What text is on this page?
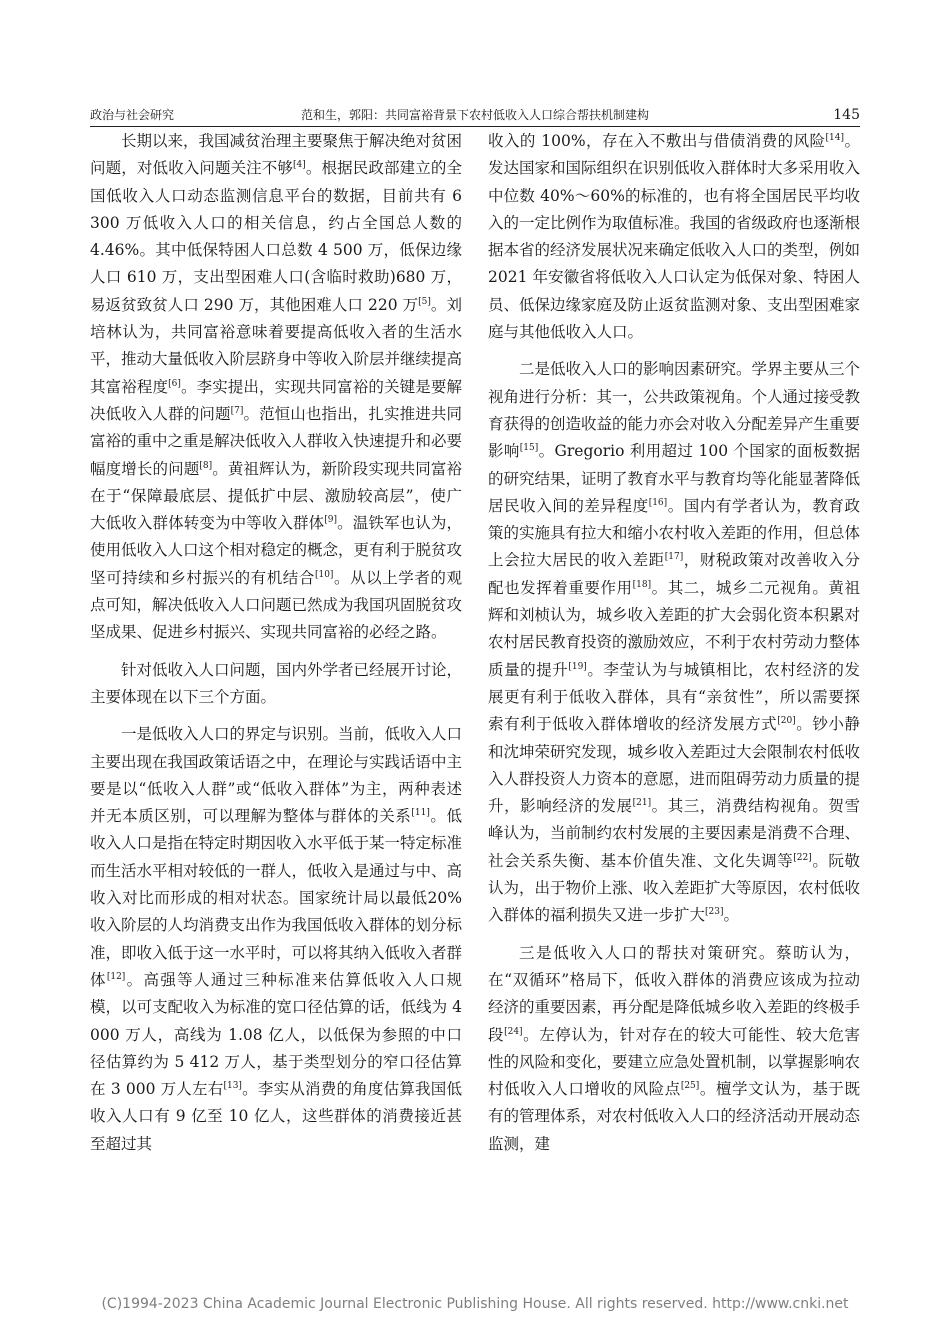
政治与社会研究	范和生，郭阳：共同富裕背景下农村低收入人口综合帮扶机制建构	145

长期以来，我国减贫治理主要聚焦于解决绝对贫困问题，对低收入问题关注不够[4]。根据民政部建立的全国低收入人口动态监测信息平台的数据，目前共有 6 300 万低收入人口的相关信息，约占全国总人数的 4.46%。其中低保特困人口总数 4 500 万，低保边缘人口 610 万，支出型困难人口(含临时救助)680 万，易返贫致贫人口 290 万，其他困难人口 220 万[5]。刘培林认为，共同富裕意味着要提高低收入者的生活水平，推动大量低收入阶层跻身中等收入阶层并继续提高其富裕程度[6]。李实提出，实现共同富裕的关键是要解决低收入人群的问题[7]。范恒山也指出，扎实推进共同富裕的重中之重是解决低收入人群收入快速提升和必要幅度增长的问题[8]。黄祖辉认为，新阶段实现共同富裕在于“保障最底层、提低扩中层、激励较高层”，使广大低收入群体转变为中等收入群体[9]。温铁军也认为，使用低收入人口这个相对稳定的概念，更有利于脱贫攻坚可持续和乡村振兴的有机结合[10]。从以上学者的观点可知，解决低收入人口问题已然成为我国巩固脱贫攻坚成果、促进乡村振兴、实现共同富裕的必经之路。

针对低收入人口问题，国内外学者已经展开讨论，主要体现在以下三个方面。

一是低收入人口的界定与识别。当前，低收入人口主要出现在我国政策话语之中，在理论与实践话语中主要是以“低收入人群”或“低收入群体”为主，两种表述并无本质区别，可以理解为整体与群体的关系[11]。低收入人口是指在特定时期因收入水平低于某一特定标准而生活水平相对较低的一群人，低收入是通过与中、高收入对比而形成的相对状态。国家统计局以最低20%收入阶层的人均消费支出作为我国低收入群体的划分标准，即收入低于这一水平时，可以将其纳入低收入者群体[12]。高强等人通过三种标准来估算低收入人口规模，以可支配收入为标准的宽口径估算的话，低线为 4 000 万人，高线为 1.08 亿人，以低保为参照的中口径估算约为 5 412 万人，基于类型划分的窄口径估算在 3 000 万人左右[13]。李实从消费的角度估算我国低收入人口有 9 亿至 10 亿人，这些群体的消费接近甚至超过其

收入的 100%，存在入不敷出与借债消费的风险[14]。发达国家和国际组织在识别低收入群体时大多采用收入中位数 40%～60%的标准的，也有将全国居民平均收入的一定比例作为取值标准。我国的省级政府也逐渐根据本省的经济发展状况来确定低收入人口的类型，例如 2021 年安徽省将低收入人口认定为低保对象、特困人员、低保边缘家庭及防止返贫监测对象、支出型困难家庭与其他低收入人口。

二是低收入人口的影响因素研究。学界主要从三个视角进行分析：其一，公共政策视角。个人通过接受教育获得的创造收益的能力亦会对收入分配差异产生重要影响[15]。Gregorio 利用超过 100 个国家的面板数据的研究结果，证明了教育水平与教育均等化能显著降低居民收入间的差异程度[16]。国内有学者认为，教育政策的实施具有拉大和缩小农村收入差距的作用，但总体上会拉大居民的收入差距[17]，财税政策对改善收入分配也发挥着重要作用[18]。其二，城乡二元视角。黄祖辉和刘桢认为，城乡收入差距的扩大会弱化资本积累对农村居民教育投资的激励效应，不利于农村劳动力整体质量的提升[19]。李莹认为与城镇相比，农村经济的发展更有利于低收入群体，具有“亲贫性”，所以需要探索有利于低收入群体增收的经济发展方式[20]。钞小静和沈坤荣研究发现，城乡收入差距过大会限制农村低收入人群投资人力资本的意愿，进而阻碍劳动力质量的提升，影响经济的发展[21]。其三，消费结构视角。贺雪峰认为，当前制约农村发展的主要因素是消费不合理、社会关系失衡、基本价值失准、文化失调等[22]。阮敬认为，出于物价上涨、收入差距扩大等原因，农村低收入群体的福利损失又进一步扩大[23]。

三是低收入人口的帮扶对策研究。蔡昉认为，在“双循环”格局下，低收入群体的消费应该成为拉动经济的重要因素，再分配是降低城乡收入差距的终极手段[24]。左停认为，针对存在的较大可能性、较大危害性的风险和变化，要建立应急处置机制，以掌握影响农村低收入人口增收的风险点[25]。檀学文认为，基于既有的管理体系，对农村低收入人口的经济活动开展动态监测，建

(C)1994-2023 China Academic Journal Electronic Publishing House. All rights reserved. http://www.cnki.net
